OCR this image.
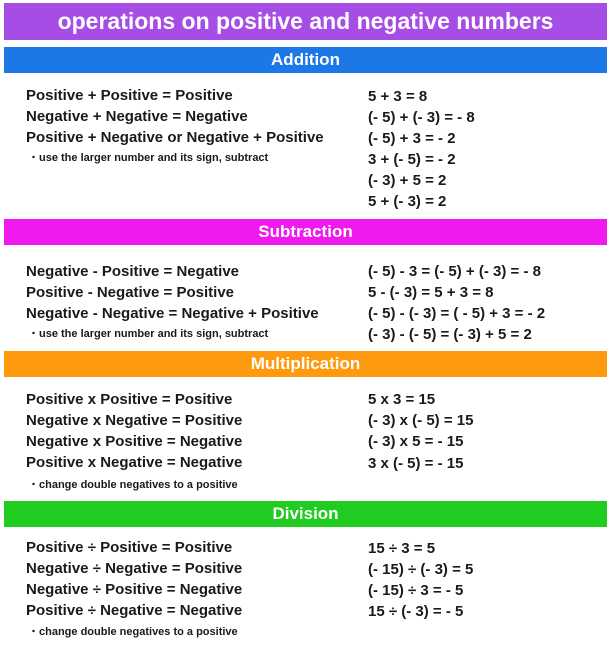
operations on positive and negative numbers
Addition
Positive + Positive = Positive
Negative + Negative = Negative
Positive + Negative or Negative + Positive
・use the larger number and its sign, subtract
5 + 3 = 8
(- 5) + (- 3) = - 8
(- 5) + 3 = - 2
3 + (- 5) = - 2
(- 3) + 5 = 2
5 + (- 3) = 2
Subtraction
Negative - Positive = Negative
Positive - Negative = Positive
Negative - Negative = Negative + Positive
・use the larger number and its sign, subtract
(- 5) - 3 = (- 5) + (- 3) = - 8
5 - (- 3) = 5 + 3 = 8
(- 5) - (- 3) = ( - 5) + 3 = - 2
(- 3) - (- 5) = (- 3) + 5 = 2
Multiplication
Positive x Positive = Positive
Negative x Negative = Positive
Negative x Positive = Negative
Positive x Negative = Negative
・change double negatives to a positive
5 x 3 = 15
(- 3) x (- 5) = 15
(- 3) x 5 = - 15
3 x (- 5) = - 15
Division
Positive ÷ Positive = Positive
Negative ÷ Negative = Positive
Negative ÷ Positive = Negative
Positive ÷ Negative = Negative
・change double negatives to a positive
15 ÷ 3 = 5
(- 15) ÷ (- 3) = 5
(- 15) ÷ 3 = - 5
15 ÷ (- 3) = - 5
